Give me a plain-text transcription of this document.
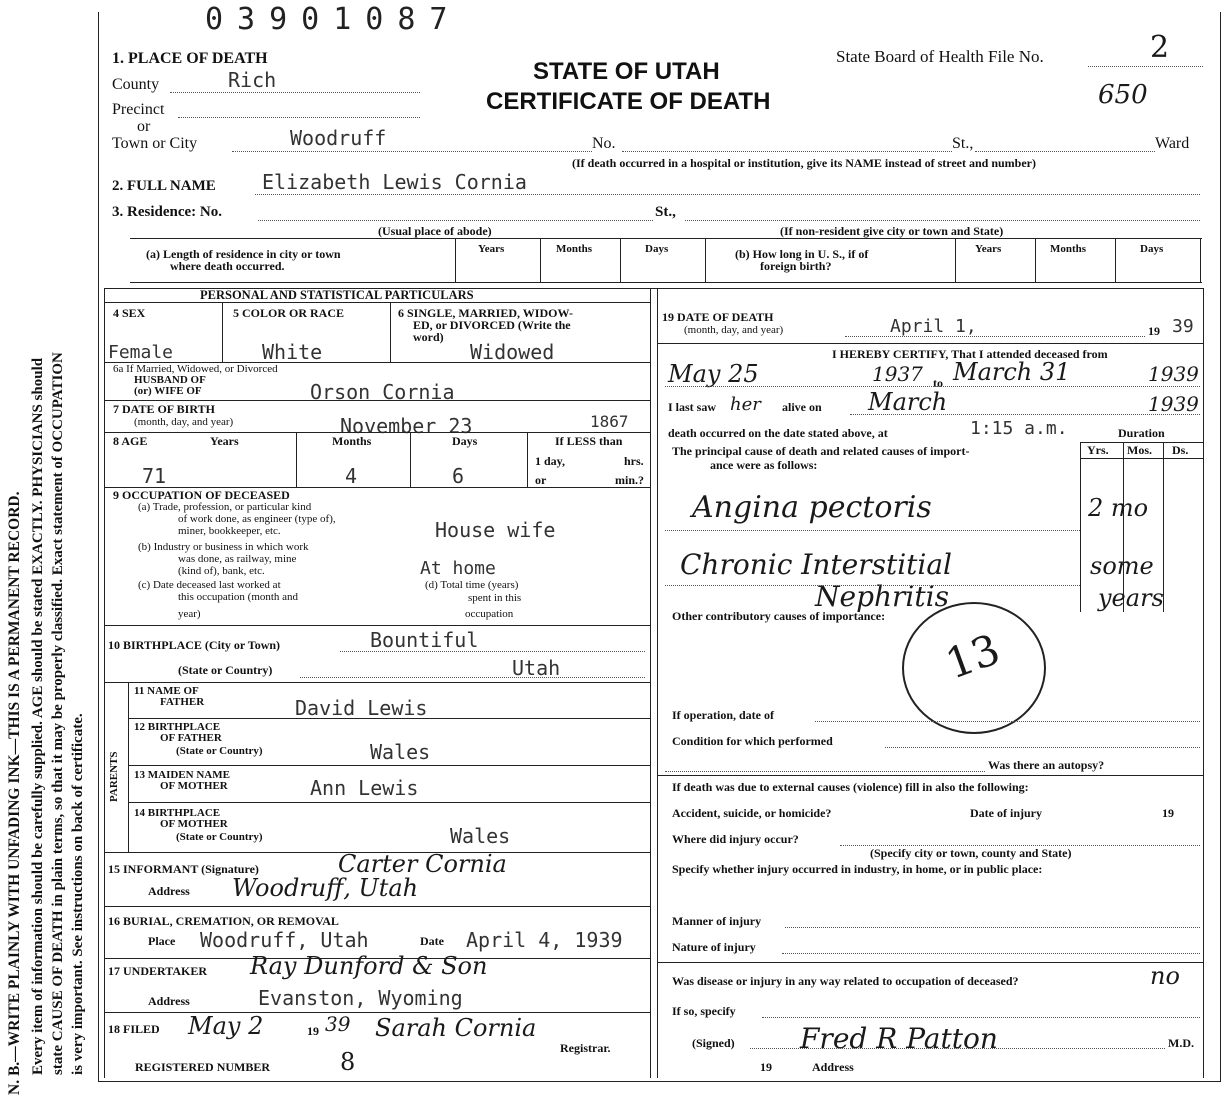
03901087
N. B.—WRITE PLAINLY WITH UNFADING INK—THIS IS A PERMANENT RECORD. Every item of information should be carefully supplied. AGE should be stated EXACTLY. PHYSICIANS should state CAUSE OF DEATH in plain terms, so that it may be properly classified. Exact statement of OCCUPATION is very important. See instructions on back of certificate.
1. PLACE OF DEATH	STATE OF UTAH
CERTIFICATE OF DEATH
State Board of Health File No.	2
650
County	Rich
Precinct
or
Town or City	Woodruff	No.	St.,	Ward
(If death occurred in a hospital or institution, give its NAME instead of street and number)
2. FULL NAME Elizabeth Lewis Cornia
3. Residence: No.	St.,
(Usual place of abode)	(If non-resident give city or town and State)
(a) Length of residence in city or town
where death occurred.
Years	Months	Days	(b) How long in U. S., if of
foreign birth?
Years	Months	Days
PERSONAL AND STATISTICAL PARTICULARS
4 SEX	5 COLOR OR RACE	6 SINGLE, MARRIED, WIDOW-
ED, or DIVORCED (Write the
word)
Female	White	Widowed
6a If Married, Widowed, or Divorced
HUSBAND OF
(or) WIFE OF	Orson Cornia
7 DATE OF BIRTH
(month, day, and year)	November 23	1867
8 AGE	Years	Months	Days	If LESS than
71	4	6
1 day,	hrs.
or	min.?
9 OCCUPATION OF DECEASED
(a) Trade, profession, or particular kind
of work done, as engineer (type of),
miner, bookkeeper, etc.	House wife
(b) Industry or business in which work
was done, as railway, mine
(kind of), bank, etc.	At home
(c) Date deceased last worked at
this occupation (month and
year)
(d) Total time (years)
spent in this
occupation
10 BIRTHPLACE (City or Town)	Bountiful
(State or Country)	Utah
PARENTS
11 NAME OF
FATHER	David Lewis
12 BIRTHPLACE
OF FATHER
(State or Country)	Wales
13 MAIDEN NAME
OF MOTHER	Ann Lewis
14 BIRTHPLACE
OF MOTHER
(State or Country)	Wales
15 INFORMANT (Signature)	Carter Cornia
Address Woodruff, Utah
16 BURIAL, CREMATION, OR REMOVAL
Place Woodruff, Utah	Date April 4, 1939
17 UNDERTAKER Ray Dunford & Son
Address	Evanston, Wyoming
18 FILED May 2	19 39 Sarah Cornia
Registrar.
REGISTERED NUMBER	8
19 DATE OF DEATH
(month, day, and year)	April 1,	19 39
I HEREBY CERTIFY, That I attended deceased from
May 25	1937 to March 31	1939
I last saw her alive on March	1939
death occurred on the date stated above, at	1:15 a.m.	Duration
The principal cause of death and related causes of import-
ance were as follows:
Yrs. Mos. Ds.
Angina pectoris	2 mo
Chronic Interstitial	some
Nephritis	years
Other contributory causes of importance:
13
If operation, date of
Condition for which performed
Was there an autopsy?
If death was due to external causes (violence) fill in also the following:
Accident, suicide, or homicide?	Date of injury	19
Where did injury occur?
(Specify city or town, county and State)
Specify whether injury occurred in industry, in home, or in public place:
Manner of injury
Nature of injury
Was disease or injury in any way related to occupation of deceased?	no
If so, specify
(Signed) Fred R Patton	M.D.
19	Address
